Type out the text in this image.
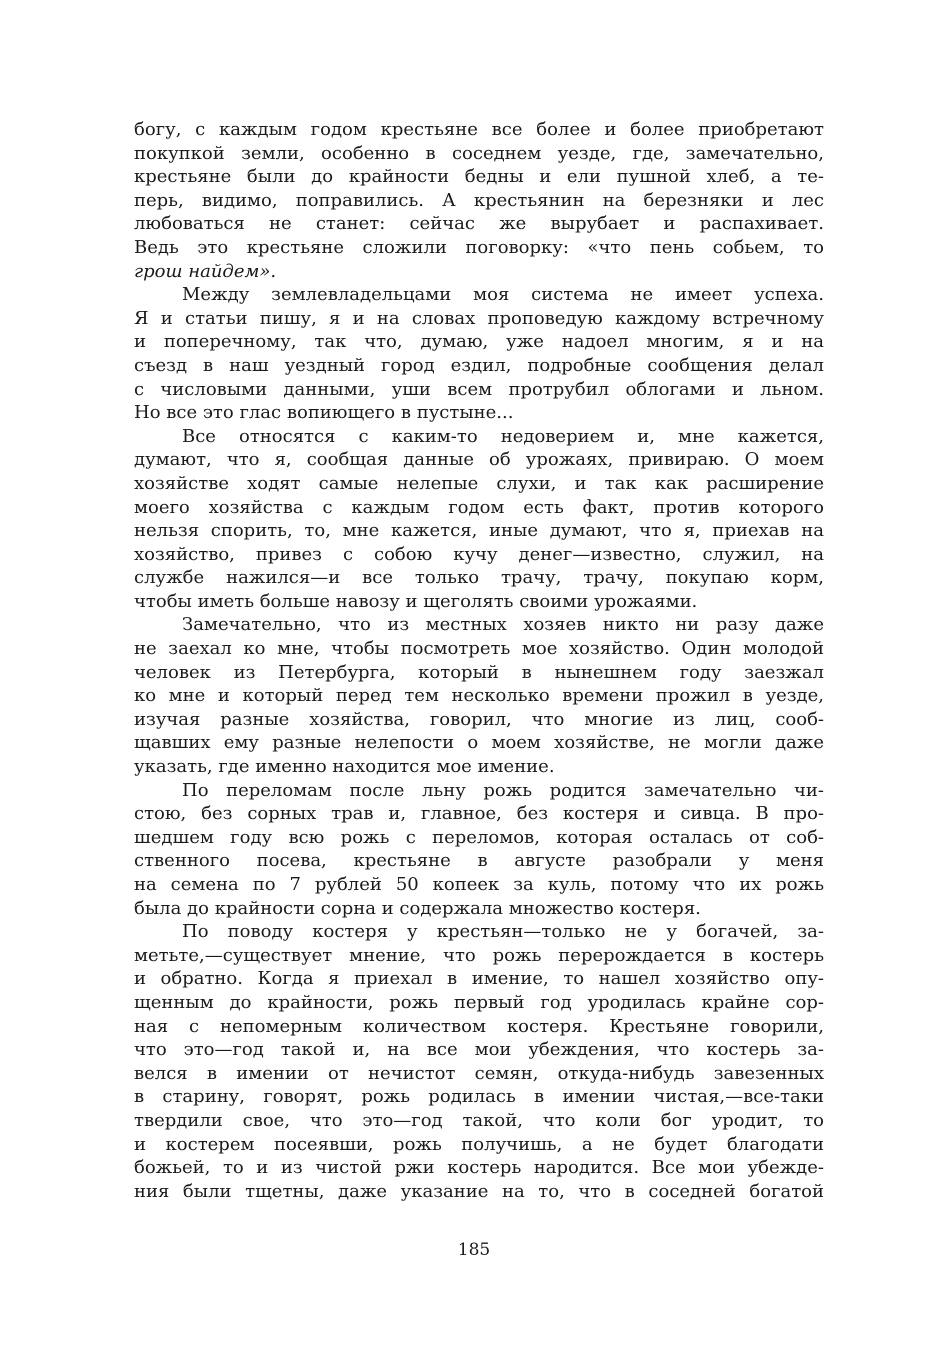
богу, с каждым годом крестьяне все более и более приобретают
покупкой земли, особенно в соседнем уезде, где, замечательно,
крестьяне были до крайности бедны и ели пушной хлеб, а те-
перь, видимо, поправились. А крестьянин на березняки и лес
любоваться не станет: сейчас же вырубает и распахивает.
Ведь это крестьяне сложили поговорку: «что пень собьем, то
грош найдем».

Между землевладельцами моя система не имеет успеха.
Я и статьи пишу, я и на словах проповедую каждому встречному
и поперечному, так что, думаю, уже надоел многим, я и на
съезд в наш уездный город ездил, подробные сообщения делал
с числовыми данными, уши всем протрубил облогами и льном.
Но все это глас вопиющего в пустыне...

Все относятся с каким-то недоверием и, мне кажется,
думают, что я, сообщая данные об урожаях, привираю. О моем
хозяйстве ходят самые нелепые слухи, и так как расширение
моего хозяйства с каждым годом есть факт, против которого
нельзя спорить, то, мне кажется, иные думают, что я, приехав на
хозяйство, привез с собою кучу денег—известно, служил, на
службе нажился—и все только трачу, трачу, покупаю корм,
чтобы иметь больше навозу и щеголять своими урожаями.

Замечательно, что из местных хозяев никто ни разу даже
не заехал ко мне, чтобы посмотреть мое хозяйство. Один молодой
человек из Петербурга, который в нынешнем году заезжал
ко мне и который перед тем несколько времени прожил в уезде,
изучая разные хозяйства, говорил, что многие из лиц, сооб-
щавших ему разные нелепости о моем хозяйстве, не могли даже
указать, где именно находится мое имение.

По переломам после льну рожь родится замечательно чи-
стою, без сорных трав и, главное, без костеря и сивца. В про-
шедшем году всю рожь с переломов, которая осталась от соб-
ственного посева, крестьяне в августе разобрали у меня
на семена по 7 рублей 50 копеек за куль, потому что их рожь
была до крайности сорна и содержала множество костеря.

По поводу костеря у крестьян—только не у богачей, за-
метьте,—существует мнение, что рожь перерождается в костерь
и обратно. Когда я приехал в имение, то нашел хозяйство опу-
щенным до крайности, рожь первый год уродилась крайне сор-
ная с непомерным количеством костеря. Крестьяне говорили,
что это—год такой и, на все мои убеждения, что костерь за-
велся в имении от нечистот семян, откуда-нибудь завезенных
в старину, говорят, рожь родилась в имении чистая,—все-таки
твердили свое, что это—год такой, что коли бог уродит, то
и костерем посеявши, рожь получишь, а не будет благодати
божьей, то и из чистой ржи костерь народится. Все мои убежде-
ния были тщетны, даже указание на то, что в соседней богатой

185
